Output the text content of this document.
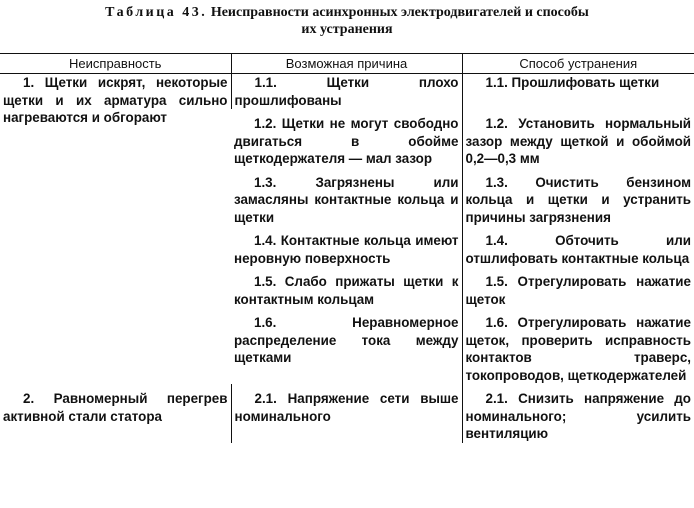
Таблица 43. Неисправности асинхронных электродвигателей и способы
их устранения
Неисправность	Возможная причина	Способ устранения
1. Щетки искрят, некоторые щетки и их арматура сильно нагреваются и обгорают	1.1. Щетки плохо прошлифованы	1.1. Прошлифовать щетки
	1.2. Щетки не могут свободно двигаться в обойме щеткодержателя — мал зазор	1.2. Установить нормальный зазор между щеткой и обоймой 0,2—0,3 мм
	1.3. Загрязнены или замасляны контактные кольца и щетки	1.3. Очистить бензином кольца и щетки и устранить причины загрязнения
	1.4. Контактные кольца имеют неровную поверхность	1.4. Обточить или отшлифовать контактные кольца
	1.5. Слабо прижаты щетки к контактным кольцам	1.5. Отрегулировать нажатие щеток
	1.6. Неравномерное распределение тока между щетками	1.6. Отрегулировать нажатие щеток, проверить исправность контактов траверс, токопроводов, щеткодержателей
2. Равномерный перегрев активной стали статора	2.1. Напряжение сети выше номинального	2.1. Снизить напряжение до номинального; усилить вентиляцию
